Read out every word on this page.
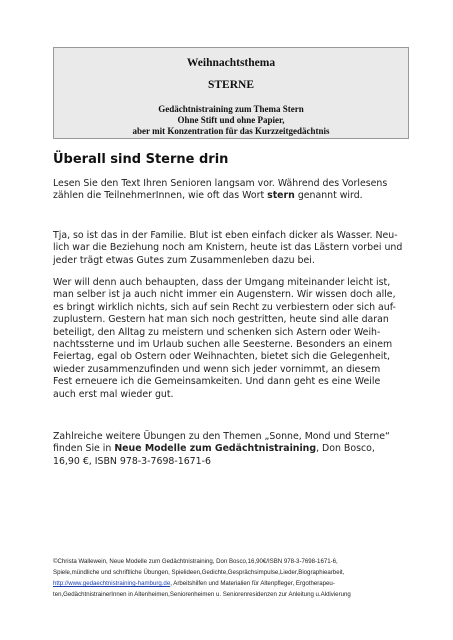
Weihnachtsthema
STERNE
Gedächtnistraining zum Thema Stern
Ohne Stift und ohne Papier,
aber mit Konzentration für das Kurzzeitgedächtnis
Überall sind Sterne drin
Lesen Sie den Text Ihren Senioren langsam vor. Während des Vorlesens
zählen die TeilnehmerInnen, wie oft das Wort stern genannt wird.
Tja, so ist das in der Familie. Blut ist eben einfach dicker als Wasser. Neu-
lich war die Beziehung noch am Knistern, heute ist das Lästern vorbei und
jeder trägt etwas Gutes zum Zusammenleben dazu bei.
Wer will denn auch behaupten, dass der Umgang miteinander leicht ist,
man selber ist ja auch nicht immer ein Augenstern. Wir wissen doch alle,
es bringt wirklich nichts, sich auf sein Recht zu verbiestern oder sich auf-
zuplustern. Gestern hat man sich noch gestritten, heute sind alle daran
beteiligt, den Alltag zu meistern und schenken sich Astern oder Weih-
nachtssterne und im Urlaub suchen alle Seesterne. Besonders an einem
Feiertag, egal ob Ostern oder Weihnachten, bietet sich die Gelegenheit,
wieder zusammenzufinden und wenn sich jeder vornimmt, an diesem
Fest erneuere ich die Gemeinsamkeiten. Und dann geht es eine Weile
auch erst mal wieder gut.
Zahlreiche weitere Übungen zu den Themen „Sonne, Mond und Sterne“
finden Sie in Neue Modelle zum Gedächtnistraining, Don Bosco,
16,90 €, ISBN 978-3-7698-1671-6
©Christa Wallewein, Neue Modelle zum Gedächtnistraining, Don Bosco,16,90€/ISBN 978-3-7698-1671-6,
Spiele,mündliche und schriftliche Übungen, Spielideen,Gedichte,Gesprächsimpulse,Lieder,Biographiearbeit,
http://www.gedaechtnistraining-hamburg.de, Arbeitshilfen und Materialien für Altenpfleger, Ergotherapeu-
ten,GedächtnistrainerInnen in Altenheimen,Seniorenheimen u. Seniorenresidenzen zur Anleitung u.Aktivierung
